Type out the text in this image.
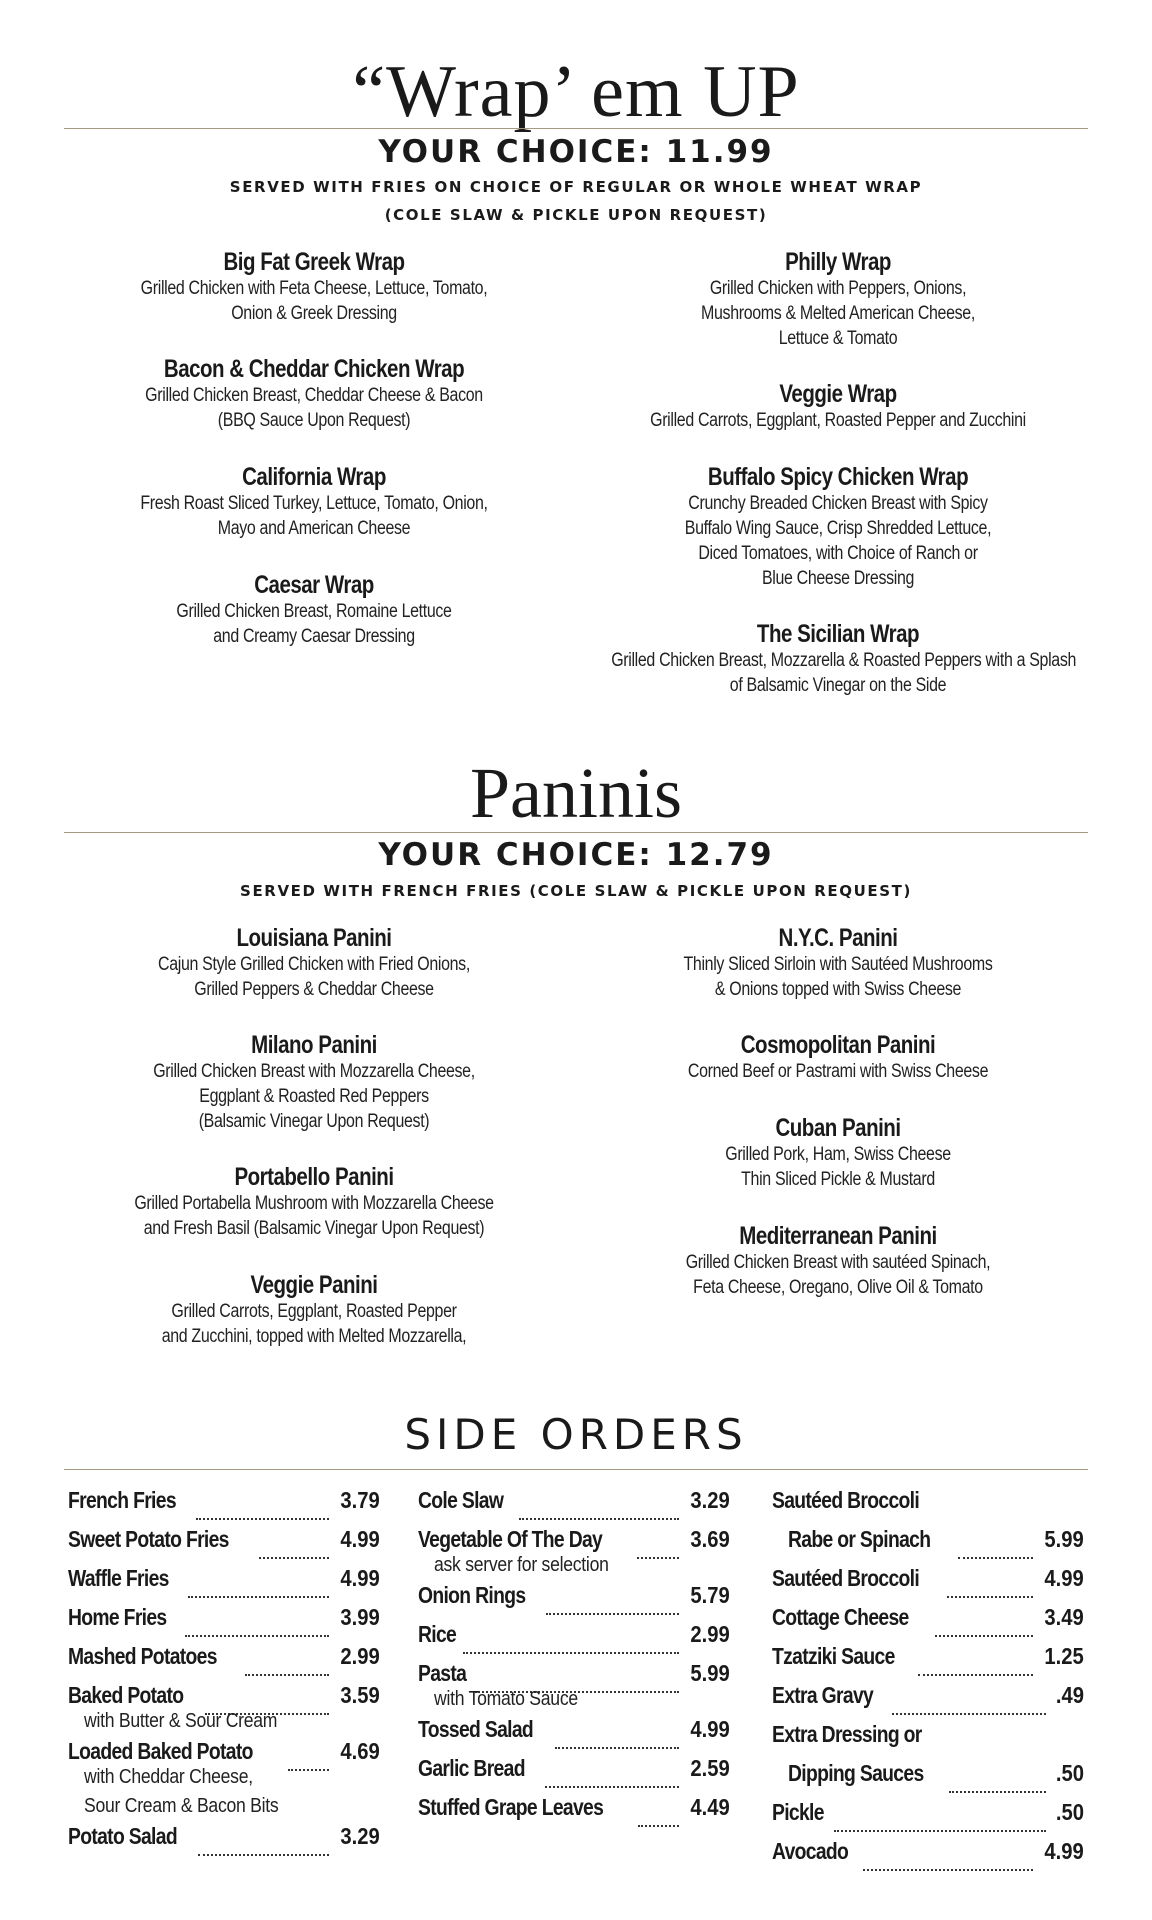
“Wrap’ em UP
YOUR CHOICE: 11.99
SERVED WITH FRIES ON CHOICE OF REGULAR OR WHOLE WHEAT WRAP
(COLE SLAW & PICKLE UPON REQUEST)
Big Fat Greek Wrap
Grilled Chicken with Feta Cheese, Lettuce, Tomato,
Onion & Greek Dressing
Bacon & Cheddar Chicken Wrap
Grilled Chicken Breast, Cheddar Cheese & Bacon
(BBQ Sauce Upon Request)
California Wrap
Fresh Roast Sliced Turkey, Lettuce, Tomato, Onion,
Mayo and American Cheese
Caesar Wrap
Grilled Chicken Breast, Romaine Lettuce
and Creamy Caesar Dressing
Philly Wrap
Grilled Chicken with Peppers, Onions,
Mushrooms & Melted American Cheese,
Lettuce & Tomato
Veggie Wrap
Grilled Carrots, Eggplant, Roasted Pepper and Zucchini
Buffalo Spicy Chicken Wrap
Crunchy Breaded Chicken Breast with Spicy
Buffalo Wing Sauce, Crisp Shredded Lettuce,
Diced Tomatoes, with Choice of Ranch or
Blue Cheese Dressing
The Sicilian Wrap
Grilled Chicken Breast, Mozzarella & Roasted Peppers with a Splash
of Balsamic Vinegar on the Side
Paninis
YOUR CHOICE: 12.79
SERVED WITH FRENCH FRIES (COLE SLAW & PICKLE UPON REQUEST)
Louisiana Panini
Cajun Style Grilled Chicken with Fried Onions,
Grilled Peppers & Cheddar Cheese
Milano Panini
Grilled Chicken Breast with Mozzarella Cheese,
Eggplant & Roasted Red Peppers
(Balsamic Vinegar Upon Request)
Portabello Panini
Grilled Portabella Mushroom with Mozzarella Cheese
and Fresh Basil (Balsamic Vinegar Upon Request)
Veggie Panini
Grilled Carrots, Eggplant, Roasted Pepper
and Zucchini, topped with Melted Mozzarella,
N.Y.C. Panini
Thinly Sliced Sirloin with Sautéed Mushrooms
& Onions topped with Swiss Cheese
Cosmopolitan Panini
Corned Beef or Pastrami with Swiss Cheese
Cuban Panini
Grilled Pork, Ham, Swiss Cheese
Thin Sliced Pickle & Mustard
Mediterranean Panini
Grilled Chicken Breast with sautéed Spinach,
Feta Cheese, Oregano, Olive Oil & Tomato
SIDE ORDERS
French Fries	3.79
Sweet Potato Fries	4.99
Waffle Fries	4.99
Home Fries	3.99
Mashed Potatoes	2.99
Baked Potato	3.59
with Butter & Sour Cream
Loaded Baked Potato	4.69
with Cheddar Cheese,
Sour Cream & Bacon Bits
Potato Salad	3.29
Cole Slaw	3.29
Vegetable Of The Day	3.69
ask server for selection
Onion Rings	5.79
Rice	2.99
Pasta	5.99
with Tomato Sauce
Tossed Salad	4.99
Garlic Bread	2.59
Stuffed Grape Leaves	4.49
Sautéed Broccoli
Rabe or Spinach	5.99
Sautéed Broccoli	4.99
Cottage Cheese	3.49
Tzatziki Sauce	1.25
Extra Gravy	.49
Extra Dressing or
Dipping Sauces	.50
Pickle	.50
Avocado	4.99
